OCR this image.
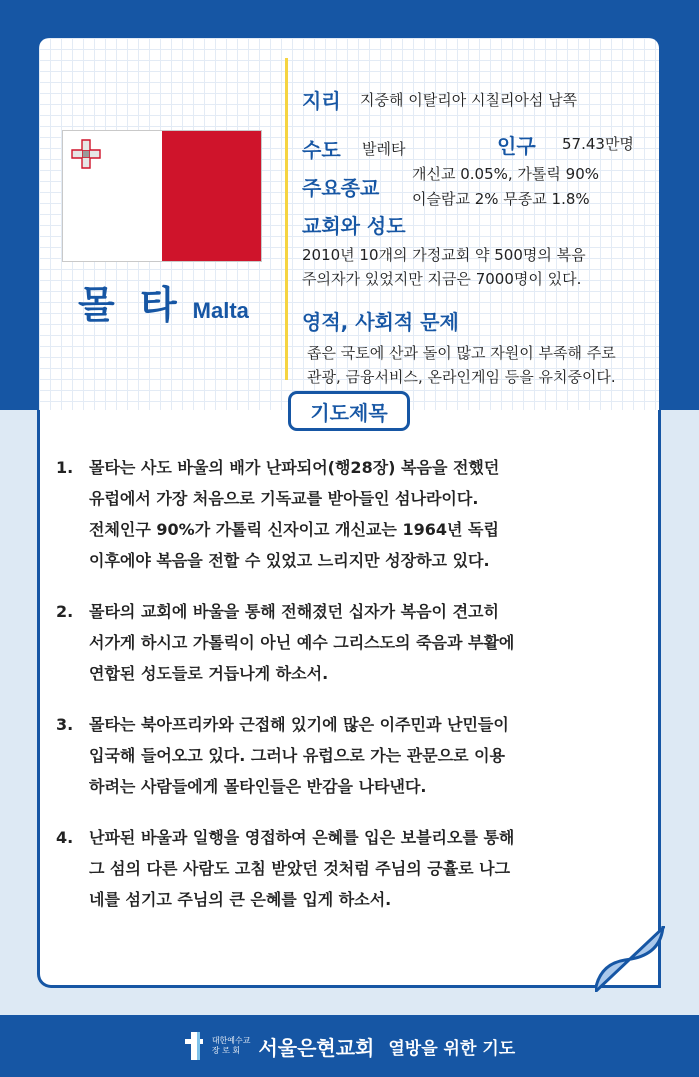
몰 타 Malta
지리 지중해 이탈리아 시칠리아섬 남쪽
수도 발레타	인구 57.43만명
주요종교
개신교 0.05%, 가톨릭 90%
이슬람교 2% 무종교 1.8%
교회와 성도
2010년 10개의 가정교회 약 500명의 복음
주의자가 있었지만 지금은 7000명이 있다.
영적, 사회적 문제
좁은 국토에 산과 돌이 많고 자원이 부족해 주로
관광, 금융서비스, 온라인게임 등을 유치중이다.
기도제목
1. 몰타는 사도 바울의 배가 난파되어(행28장) 복음을 전했던
유럽에서 가장 처음으로 기독교를 받아들인 섬나라이다.
전체인구 90%가 가톨릭 신자이고 개신교는 1964년 독립
이후에야 복음을 전할 수 있었고 느리지만 성장하고 있다.
2. 몰타의 교회에 바울을 통해 전해졌던 십자가 복음이 견고히
서가게 하시고 가톨릭이 아닌 예수 그리스도의 죽음과 부활에
연합된 성도들로 거듭나게 하소서.
3. 몰타는 북아프리카와 근접해 있기에 많은 이주민과 난민들이
입국해 들어오고 있다. 그러나 유럽으로 가는 관문으로 이용
하려는 사람들에게 몰타인들은 반감을 나타낸다.
4. 난파된 바울과 일행을 영접하여 은혜를 입은 보블리오를 통해
그 섬의 다른 사람도 고침 받았던 것처럼 주님의 긍휼로 나그
네를 섬기고 주님의 큰 은혜를 입게 하소서.
대한예수교
장 로 회 서울은현교회 열방을 위한 기도
